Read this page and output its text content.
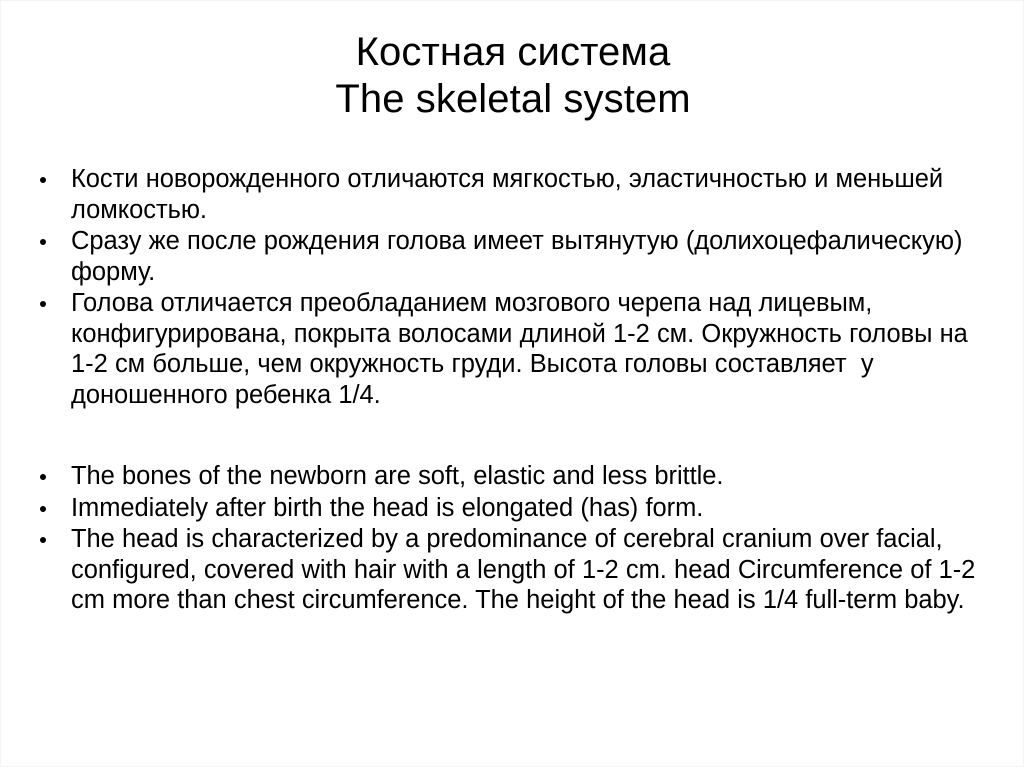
Костная система
The skeletal system

Кости новорожденного отличаются мягкостью, эластичностью и меньшей ломкостью.

Сразу же после рождения голова имеет вытянутую (долихоцефалическую) форму.

Голова отличается преобладанием мозгового черепа над лицевым, конфигурирована, покрыта волосами длиной 1-2 см. Окружность головы на 1-2 см больше, чем окружность груди. Высота головы составляет  у доношенного ребенка 1/4.

The bones of the newborn are soft, elastic and less brittle.

Immediately after birth the head is elongated (has) form.

The head is characterized by a predominance of cerebral cranium over facial, configured, covered with hair with a length of 1-2 cm. head Circumference of 1-2 cm more than chest circumference. The height of the head is 1/4 full-term baby.
